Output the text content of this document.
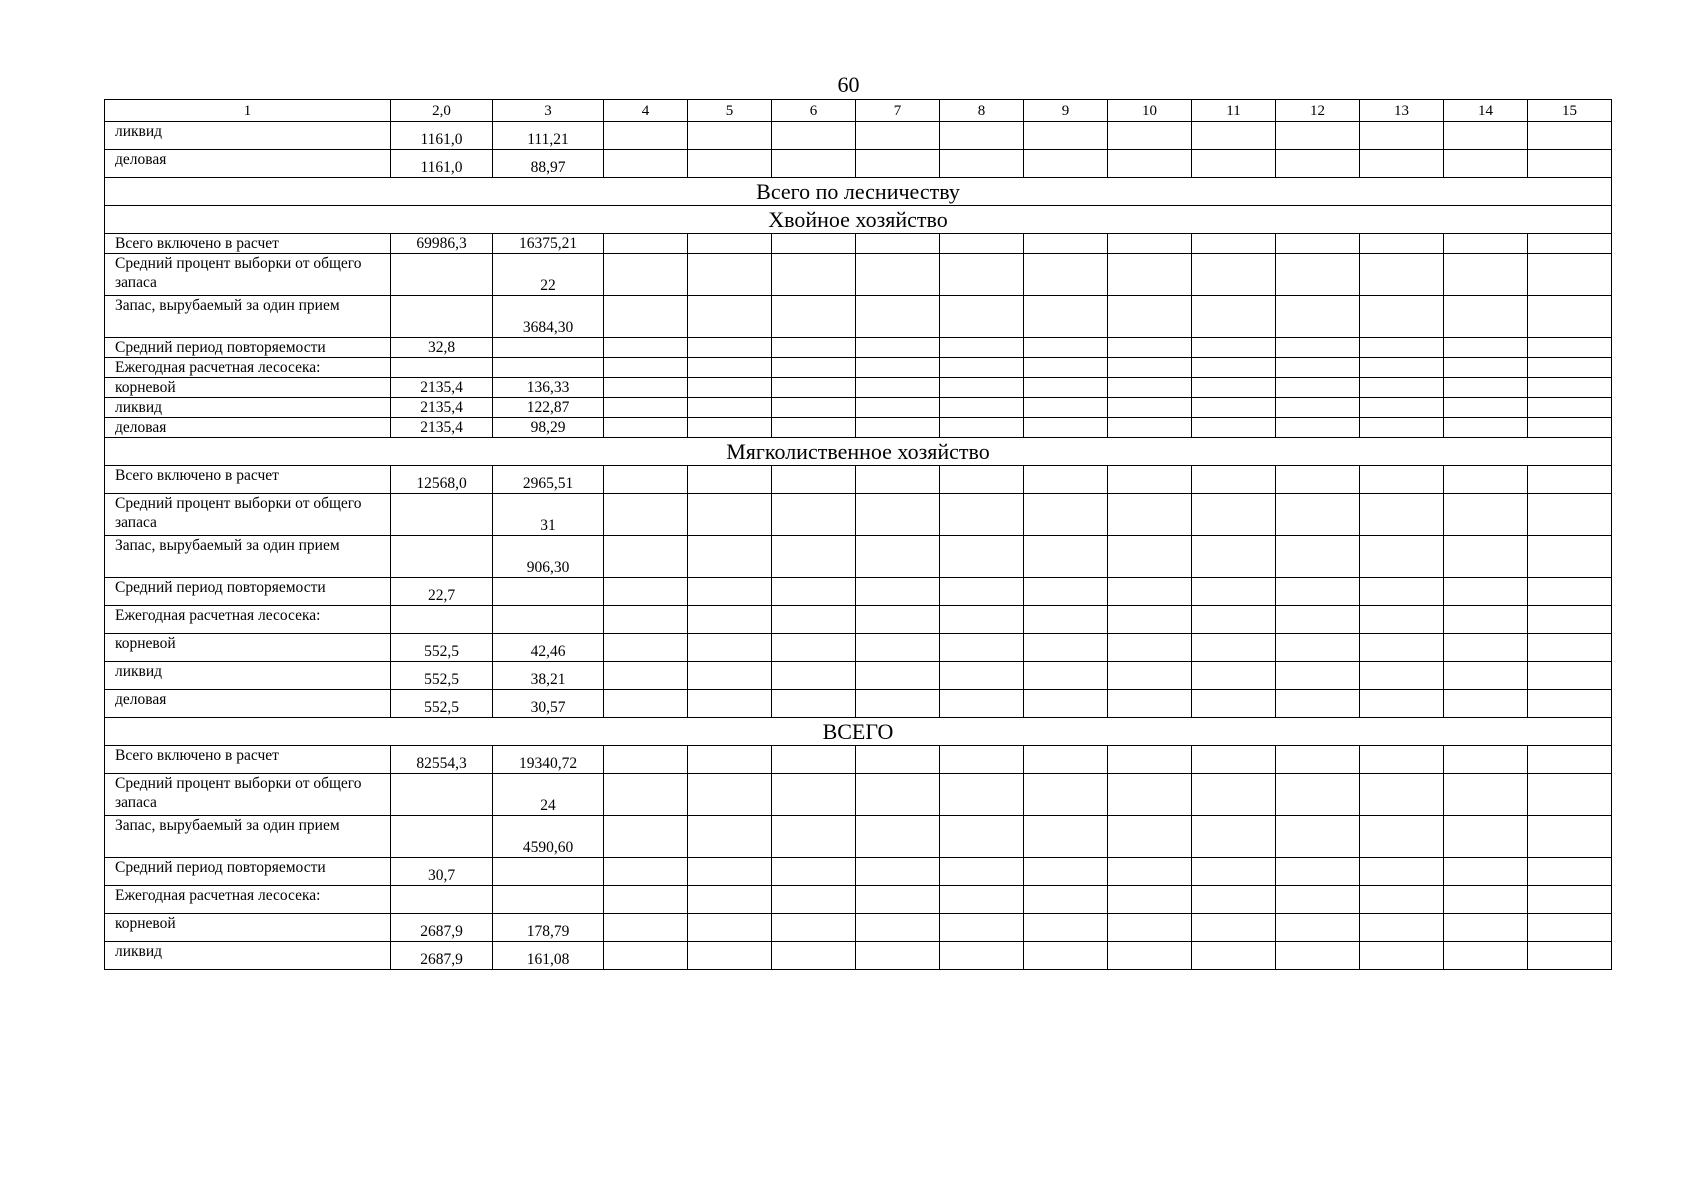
60
1	2,0	3	4	5	6	7	8	9	10	11	12	13	14	15
ликвид	1161,0	111,21												
деловая	1161,0	88,97												
Всего по лесничеству														
Хвойное хозяйство														
Всего включено в расчет	69986,3	16375,21												
Средний процент выборки от общего запаса		22												
Запас, вырубаемый за один прием		3684,30												
Средний период повторяемости	32,8													
Ежегодная расчетная лесосека:														
корневой	2135,4	136,33												
ликвид	2135,4	122,87												
деловая	2135,4	98,29												
Мягколиственное хозяйство														
Всего включено в расчет	12568,0	2965,51												
Средний процент выборки от общего запаса		31												
Запас, вырубаемый за один прием		906,30												
Средний период повторяемости	22,7													
Ежегодная расчетная лесосека:														
корневой	552,5	42,46												
ликвид	552,5	38,21												
деловая	552,5	30,57												
ВСЕГО														
Всего включено в расчет	82554,3	19340,72												
Средний процент выборки от общего запаса		24												
Запас, вырубаемый за один прием		4590,60												
Средний период повторяемости	30,7													
Ежегодная расчетная лесосека:														
корневой	2687,9	178,79												
ликвид	2687,9	161,08												
